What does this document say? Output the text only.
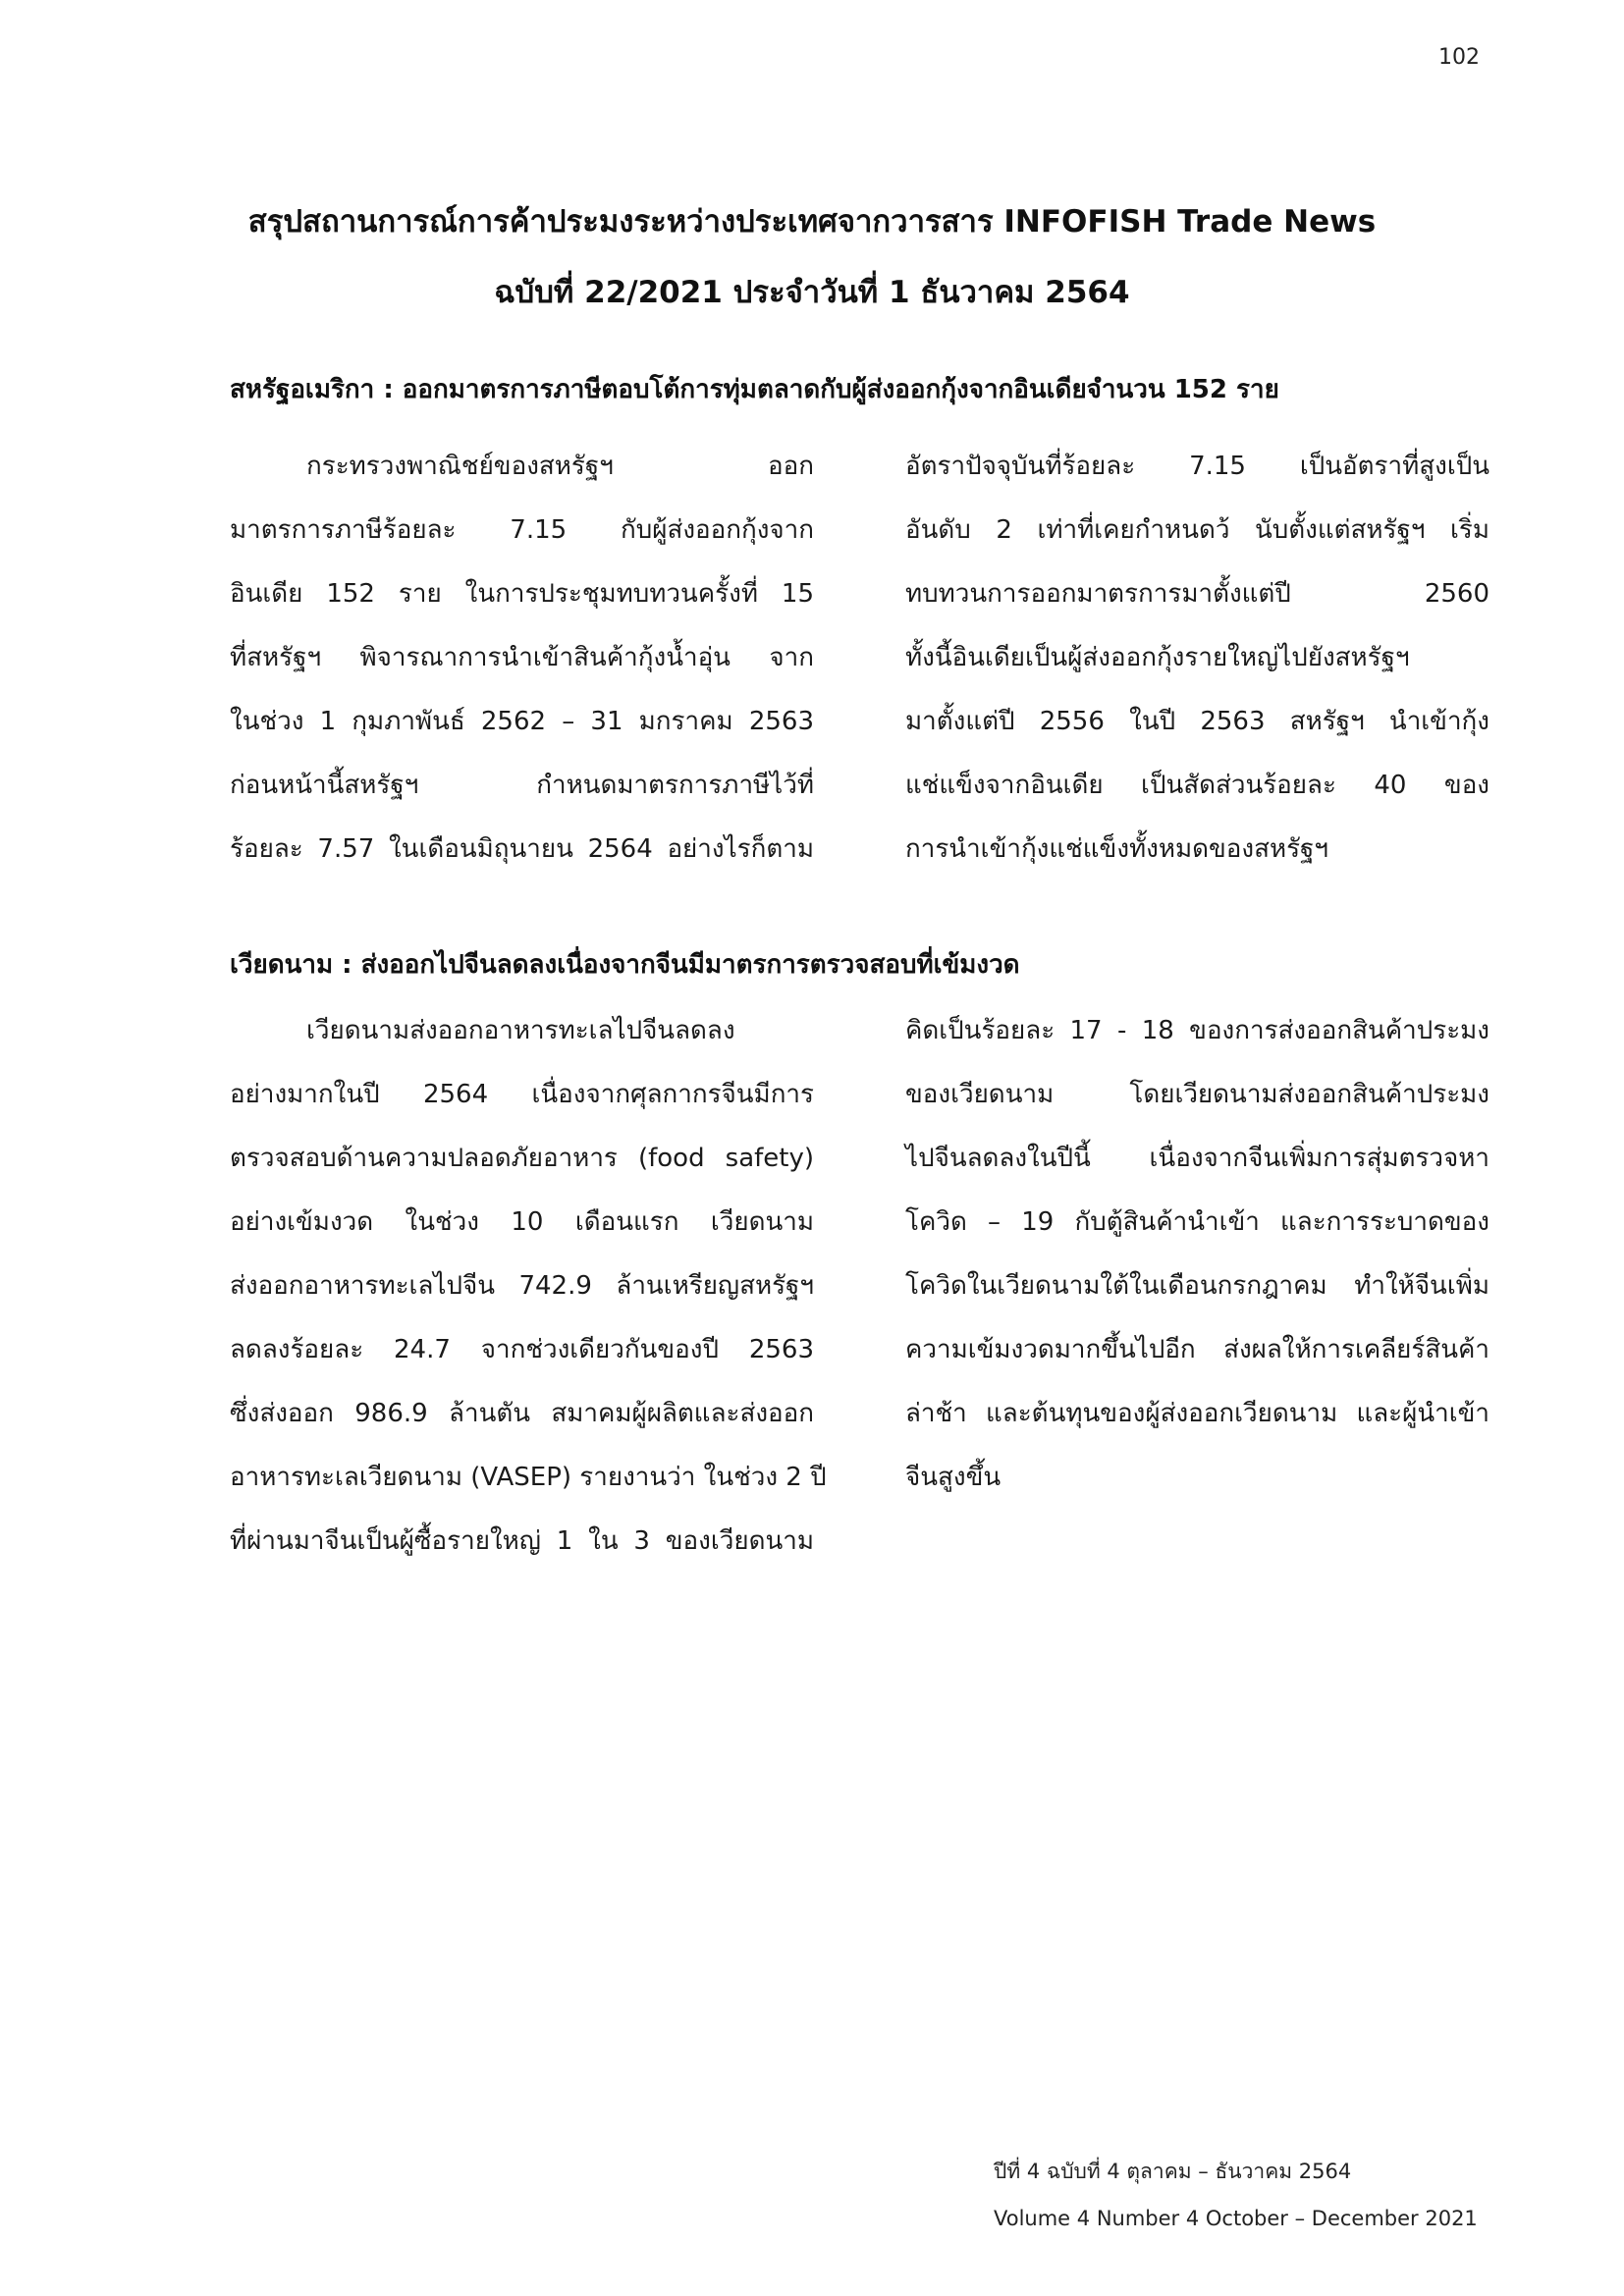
102
สรุปสถานการณ์การค้าประมงระหว่างประเทศจากวารสาร INFOFISH Trade News
ฉบับที่ 22/2021 ประจำวันที่ 1 ธันวาคม 2564
สหรัฐอเมริกา : ออกมาตรการภาษีตอบโต้การทุ่มตลาดกับผู้ส่งออกกุ้งจากอินเดียจำนวน 152 ราย
กระทรวงพาณิชย์ของสหรัฐฯ ออก
มาตรการภาษีร้อยละ 7.15 กับผู้ส่งออกกุ้งจาก
อินเดีย 152 ราย ในการประชุมทบทวนครั้งที่ 15
ที่สหรัฐฯ พิจารณาการนำเข้าสินค้ากุ้งน้ำอุ่น จาก
ในช่วง 1 กุมภาพันธ์ 2562 – 31 มกราคม 2563
ก่อนหน้านี้สหรัฐฯ กำหนดมาตรการภาษีไว้ที่
ร้อยละ 7.57 ในเดือนมิถุนายน 2564 อย่างไรก็ตาม
อัตราปัจจุบันที่ร้อยละ 7.15 เป็นอัตราที่สูงเป็น
อันดับ 2 เท่าที่เคยกำหนดว้ นับตั้งแต่สหรัฐฯ เริ่ม
ทบทวนการออกมาตรการมาตั้งแต่ปี 2560
ทั้งนี้อินเดียเป็นผู้ส่งออกกุ้งรายใหญ่ไปยังสหรัฐฯ
มาตั้งแต่ปี 2556 ในปี 2563 สหรัฐฯ นำเข้ากุ้ง
แช่แข็งจากอินเดีย เป็นสัดส่วนร้อยละ 40 ของ
การนำเข้ากุ้งแช่แข็งทั้งหมดของสหรัฐฯ
เวียดนาม : ส่งออกไปจีนลดลงเนื่องจากจีนมีมาตรการตรวจสอบที่เข้มงวด
เวียดนามส่งออกอาหารทะเลไปจีนลดลง
อย่างมากในปี 2564 เนื่องจากศุลกากรจีนมีการ
ตรวจสอบด้านความปลอดภัยอาหาร (food safety)
อย่างเข้มงวด ในช่วง 10 เดือนแรก เวียดนาม
ส่งออกอาหารทะเลไปจีน 742.9 ล้านเหรียญสหรัฐฯ
ลดลงร้อยละ 24.7 จากช่วงเดียวกันของปี 2563
ซึ่งส่งออก 986.9 ล้านตัน สมาคมผู้ผลิตและส่งออก
อาหารทะเลเวียดนาม (VASEP) รายงานว่า ในช่วง 2 ปี
ที่ผ่านมาจีนเป็นผู้ซื้อรายใหญ่ 1 ใน 3 ของเวียดนาม
คิดเป็นร้อยละ 17 - 18 ของการส่งออกสินค้าประมง
ของเวียดนาม โดยเวียดนามส่งออกสินค้าประมง
ไปจีนลดลงในปีนี้ เนื่องจากจีนเพิ่มการสุ่มตรวจหา
โควิด – 19 กับตู้สินค้านำเข้า และการระบาดของ
โควิดในเวียดนามใต้ในเดือนกรกฎาคม ทำให้จีนเพิ่ม
ความเข้มงวดมากขึ้นไปอีก ส่งผลให้การเคลียร์สินค้า
ล่าช้า และต้นทุนของผู้ส่งออกเวียดนาม และผู้นำเข้า
จีนสูงขึ้น
ปีที่ 4 ฉบับที่ 4 ตุลาคม – ธันวาคม 2564
Volume 4 Number 4 October – December 2021
